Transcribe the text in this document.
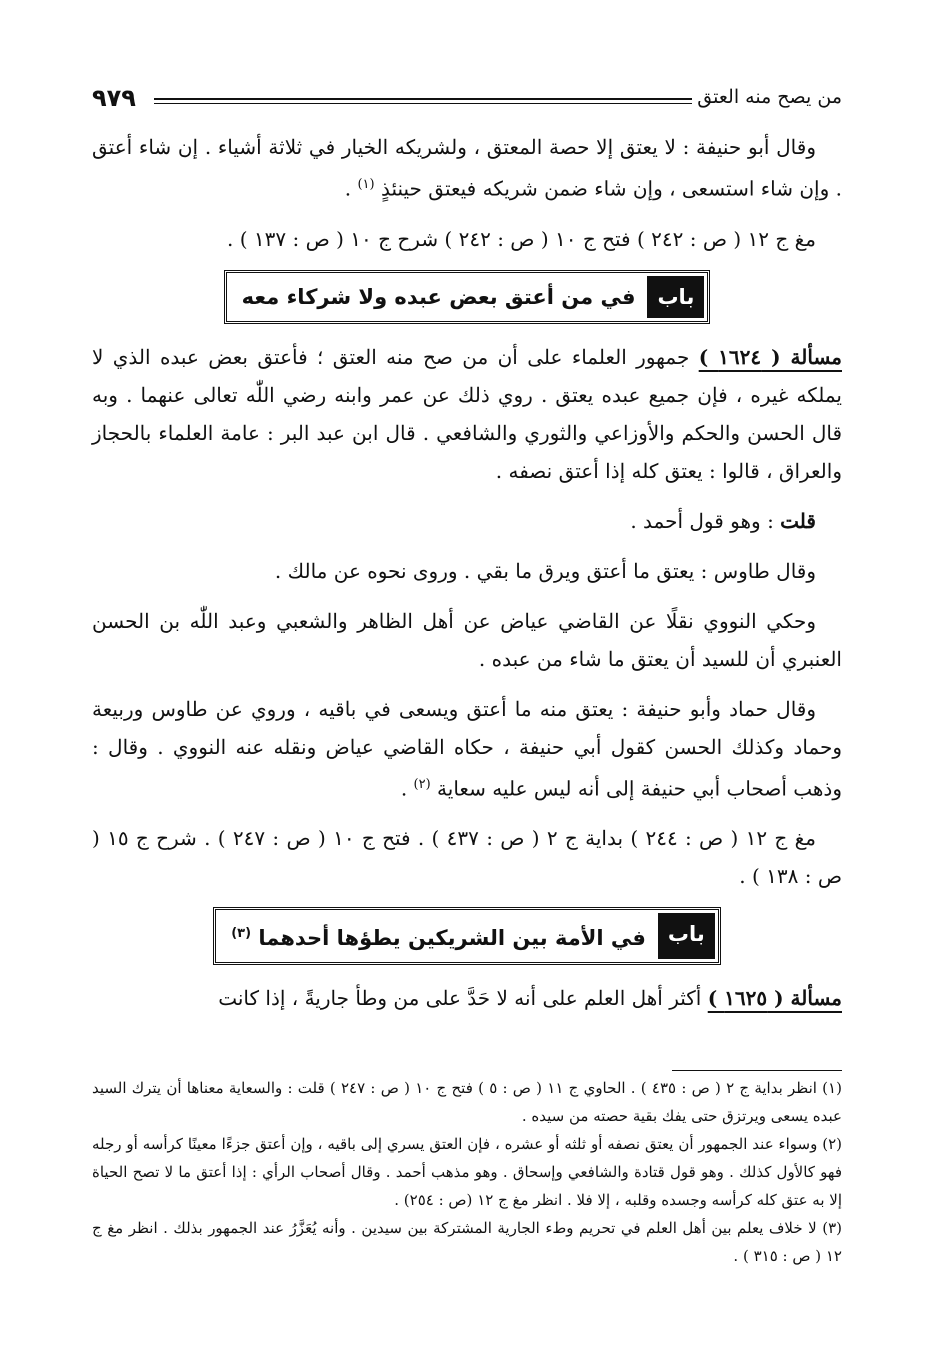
٩٧٩	من يصح منه العتق

وقال أبو حنيفة : لا يعتق إلا حصة المعتق ، ولشريكه الخيار في ثلاثة أشياء . إن شاء أعتق . وإن شاء استسعى ، وإن شاء ضمن شريكه فيعتق حينئذٍ $^{(١)}$ .

مغ ج ١٢ ( ص : ٢٤٢ ) فتح ج ١٠ ( ص : ٢٤٢ ) شرح ج ١٠ ( ص : ١٣٧ ) .

باب
في من أعتق بعض عبده ولا شركاء معه

مسألة ( ١٦٢٤ ) جمهور العلماء على أن من صح منه العتق ؛ فأعتق بعض عبده الذي لا يملكه غيره ، فإن جميع عبده يعتق . روي ذلك عن عمر وابنه رضي اللّٰه تعالى عنهما . وبه قال الحسن والحكم والأوزاعي والثوري والشافعي . قال ابن عبد البر : عامة العلماء بالحجاز والعراق ، قالوا : يعتق كله إذا أعتق نصفه .

قلت : وهو قول أحمد .

وقال طاوس : يعتق ما أعتق ويرق ما بقي . وروى نحوه عن مالك .

وحكي النووي نقلًا عن القاضي عياض عن أهل الظاهر والشعبي وعبد اللّٰه بن الحسن العنبري أن للسيد أن يعتق ما شاء من عبده .

وقال حماد وأبو حنيفة : يعتق منه ما أعتق ويسعى في باقيه ، وروي عن طاوس وربيعة وحماد وكذلك الحسن كقول أبي حنيفة ، حكاه القاضي عياض ونقله عنه النووي . وقال : وذهب أصحاب أبي حنيفة إلى أنه ليس عليه سعاية $^{(٢)}$ .

مغ ج ١٢ ( ص : ٢٤٤ ) بداية ج ٢ ( ص : ٤٣٧ ) . فتح ج ١٠ ( ص : ٢٤٧ ) . شرح ج ١٥ ( ص : ١٣٨ ) .

باب
في الأمة بين الشريكين يطؤها أحدهما $^{(٣)}$

مسألة ( ١٦٢٥ ) أكثر أهل العلم على أنه لا حَدَّ على من وطأ جاريةً ، إذا كانت

(١) انظر بداية ج ٢ ( ص : ٤٣٥ ) . الحاوي ج ١١ ( ص : ٥ ) فتح ج ١٠ ( ص : ٢٤٧ ) قلت : والسعاية معناها أن يترك السيد عبده يسعى ويرتزق حتى يفك بقية حصته من سيده .

(٢) وسواء عند الجمهور أن يعتق نصفه أو ثلثه أو عشره ، فإن العتق يسري إلى باقيه ، وإن أعتق جزءًا معينًا كرأسه أو رجله فهو كالأول كذلك . وهو قول قتادة والشافعي وإسحاق . وهو مذهب أحمد . وقال أصحاب الرأي : إذا أعتق ما لا تصح الحياة إلا به عتق كله كرأسه وجسده وقلبه ، إلا فلا . انظر مغ ج ١٢ (ص : ٢٥٤) .

(٣) لا خلاف يعلم بين أهل العلم في تحريم وطء الجارية المشتركة بين سيدين . وأنه يُعَزَّرُ عند الجمهور بذلك . انظر مغ ج ١٢ ( ص : ٣١٥ ) .
